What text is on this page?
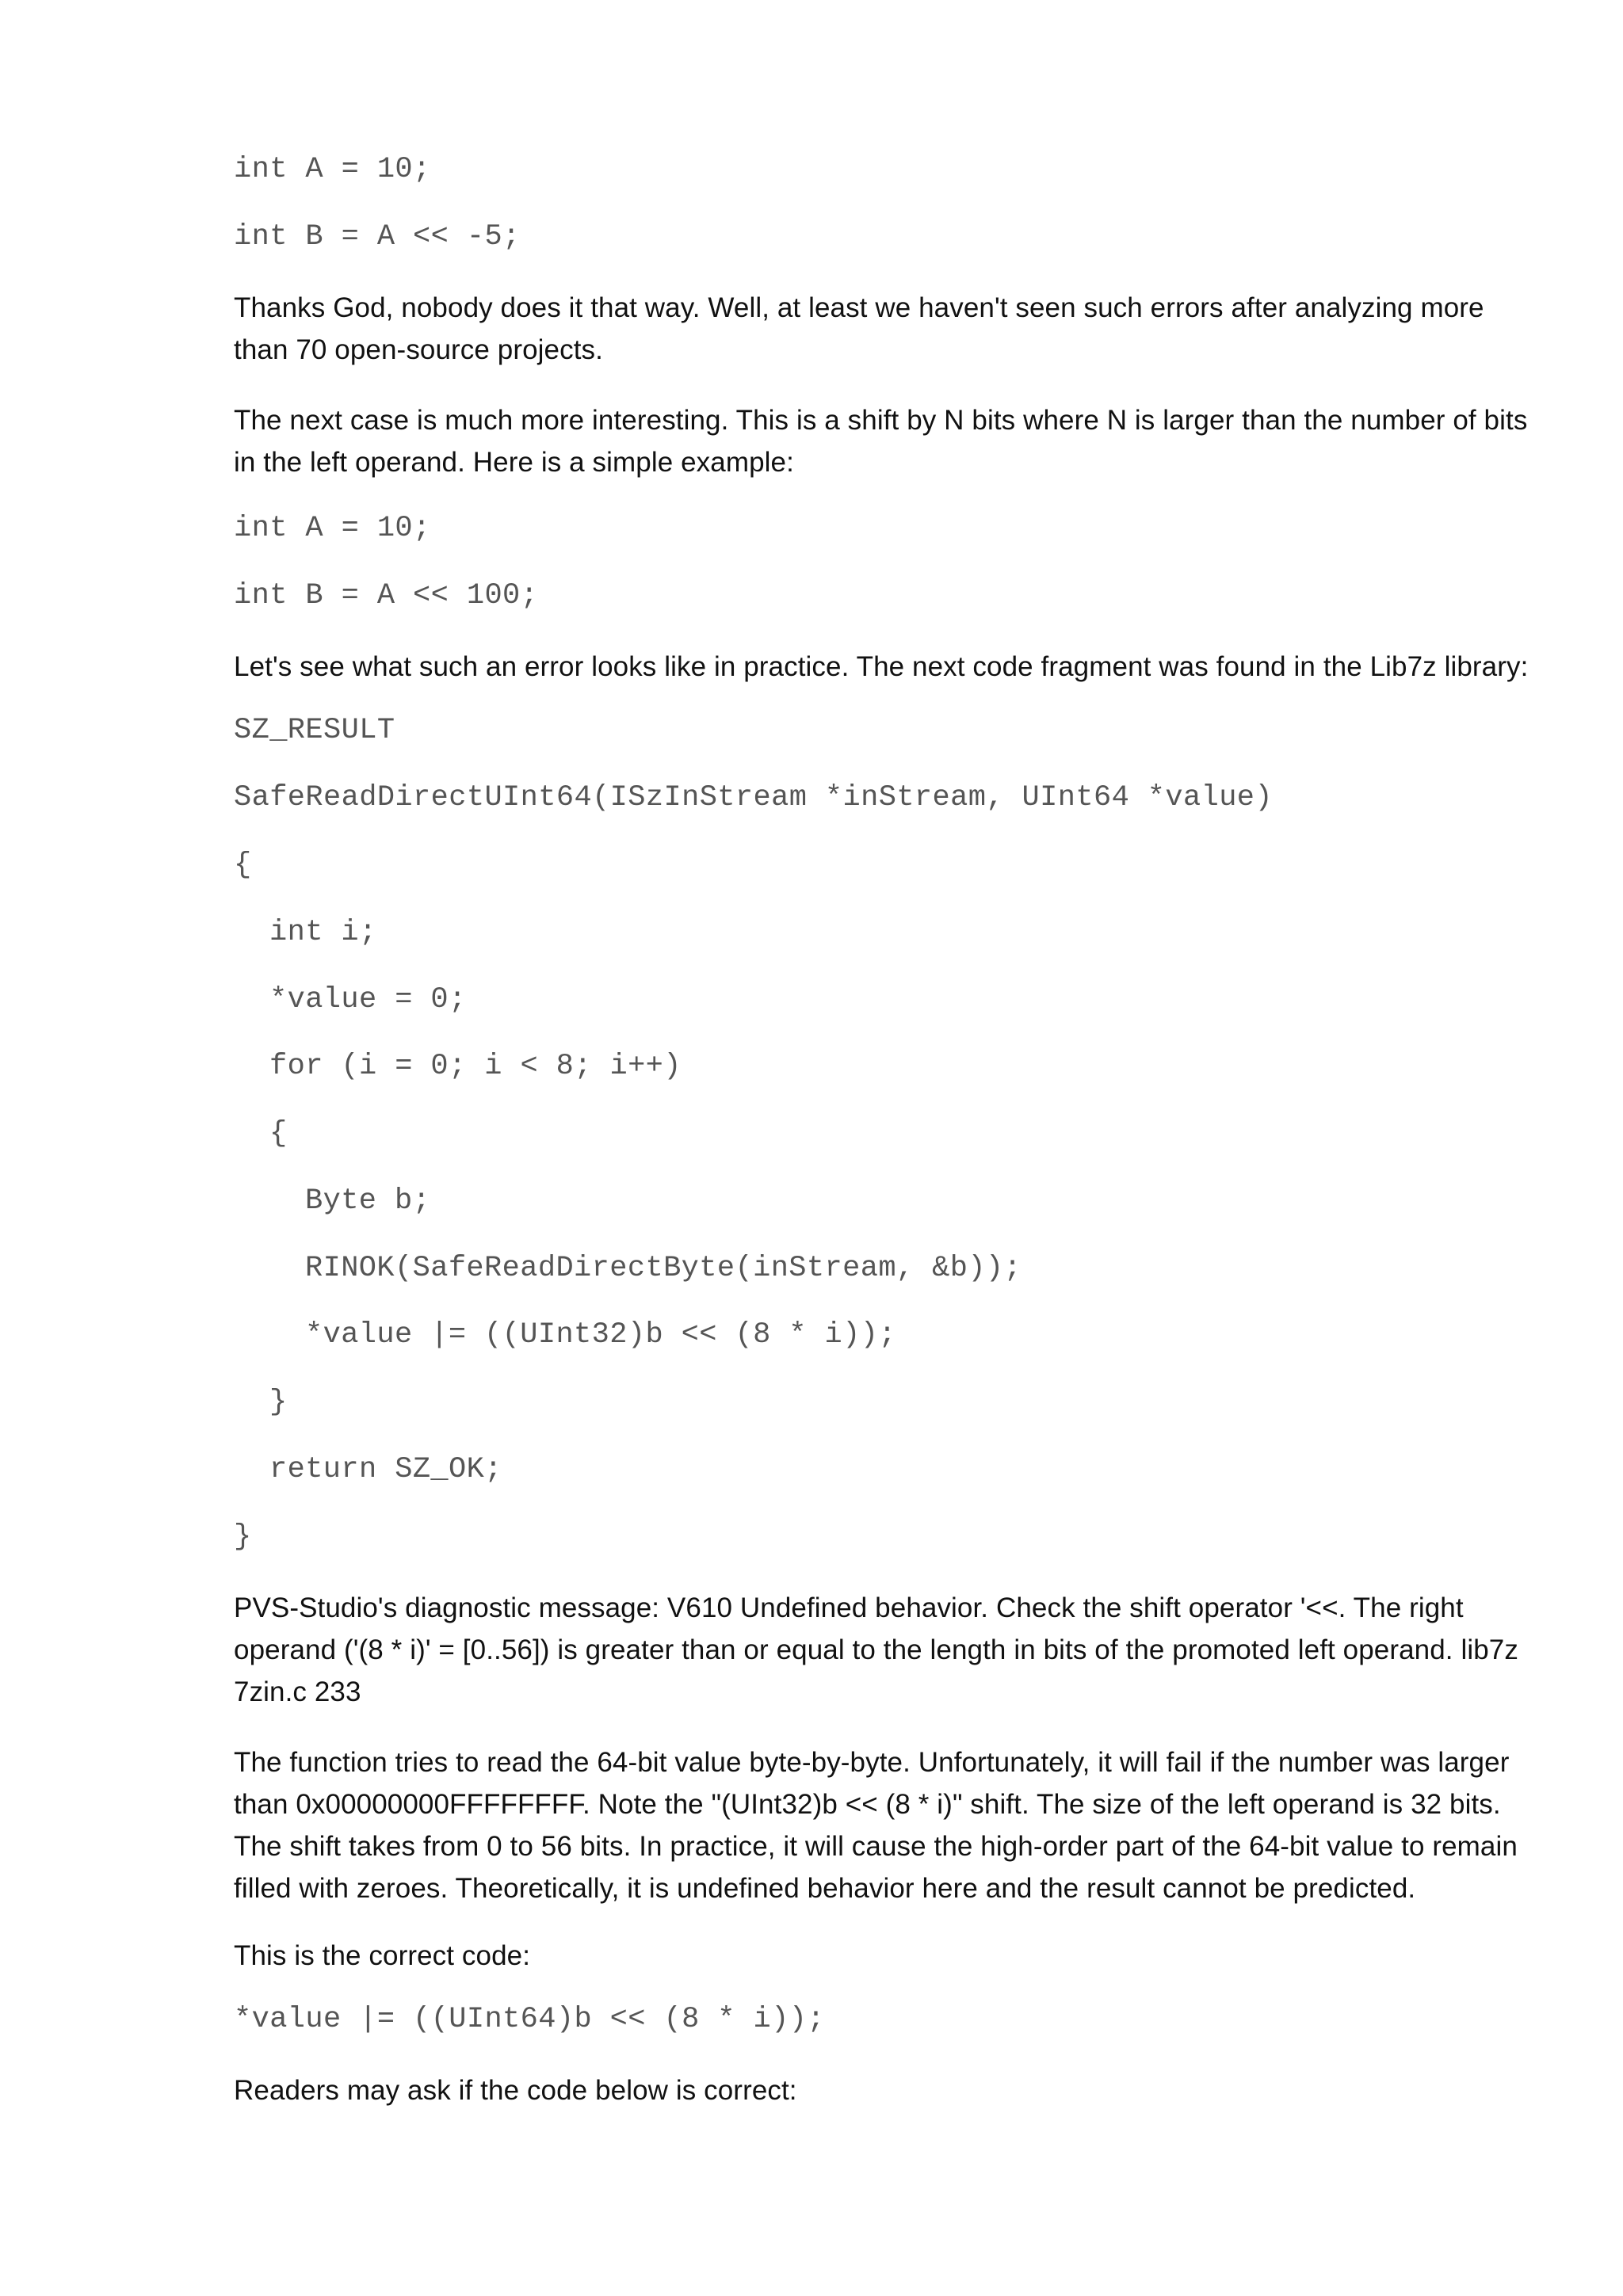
int A = 10;
int B = A << -5;

Thanks God, nobody does it that way. Well, at least we haven't seen such errors after analyzing more than 70 open-source projects.

The next case is much more interesting. This is a shift by N bits where N is larger than the number of bits in the left operand. Here is a simple example:

int A = 10;
int B = A << 100;

Let's see what such an error looks like in practice. The next code fragment was found in the Lib7z library:

SZ_RESULT
SafeReadDirectUInt64(ISzInStream *inStream, UInt64 *value)
{
int i;
*value = 0;
for (i = 0; i < 8; i++)
{
Byte b;
RINOK(SafeReadDirectByte(inStream, &b));
*value |= ((UInt32)b << (8 * i));
}
return SZ_OK;
}

PVS-Studio's diagnostic message: V610 Undefined behavior. Check the shift operator '<<. The right operand ('(8 * i)' = [0..56]) is greater than or equal to the length in bits of the promoted left operand. lib7z 7zin.c 233

The function tries to read the 64-bit value byte-by-byte. Unfortunately, it will fail if the number was larger than 0x00000000FFFFFFFF. Note the "(UInt32)b << (8 * i)" shift. The size of the left operand is 32 bits. The shift takes from 0 to 56 bits. In practice, it will cause the high-order part of the 64-bit value to remain filled with zeroes. Theoretically, it is undefined behavior here and the result cannot be predicted.

This is the correct code:

*value |= ((UInt64)b << (8 * i));

Readers may ask if the code below is correct:
